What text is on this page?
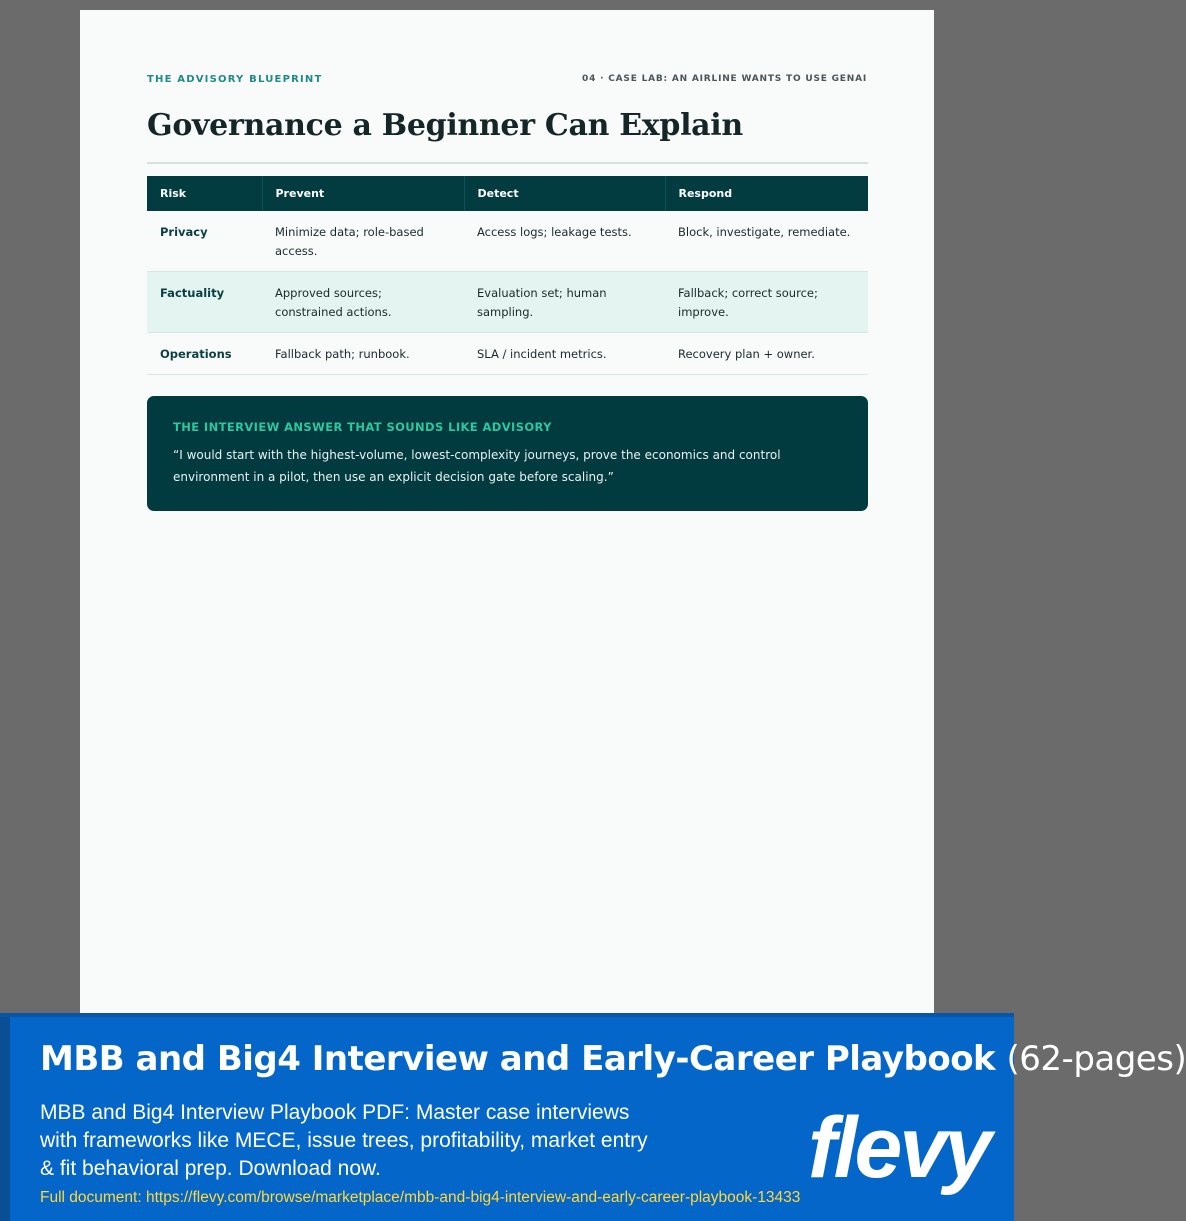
THE ADVISORY BLUEPRINT	04 · CASE LAB: AN AIRLINE WANTS TO USE GENAI
Governance a Beginner Can Explain
Risk	Prevent	Detect	Respond
Privacy	Minimize data; role-based access.	Access logs; leakage tests.	Block, investigate, remediate.
Factuality	Approved sources; constrained actions.	Evaluation set; human sampling.	Fallback; correct source; improve.
Operations	Fallback path; runbook.	SLA / incident metrics.	Recovery plan + owner.
THE INTERVIEW ANSWER THAT SOUNDS LIKE ADVISORY
“I would start with the highest-volume, lowest-complexity journeys, prove the economics and control environment in a pilot, then use an explicit decision gate before scaling.”
MBB and Big4 Interview and Early-Career Playbook (62-pages)
MBB and Big4 Interview Playbook PDF: Master case interviews with frameworks like MECE, issue trees, profitability, market entry & fit behavioral prep. Download now.
Full document: https://flevy.com/browse/marketplace/mbb-and-big4-interview-and-early-career-playbook-13433
flevy
